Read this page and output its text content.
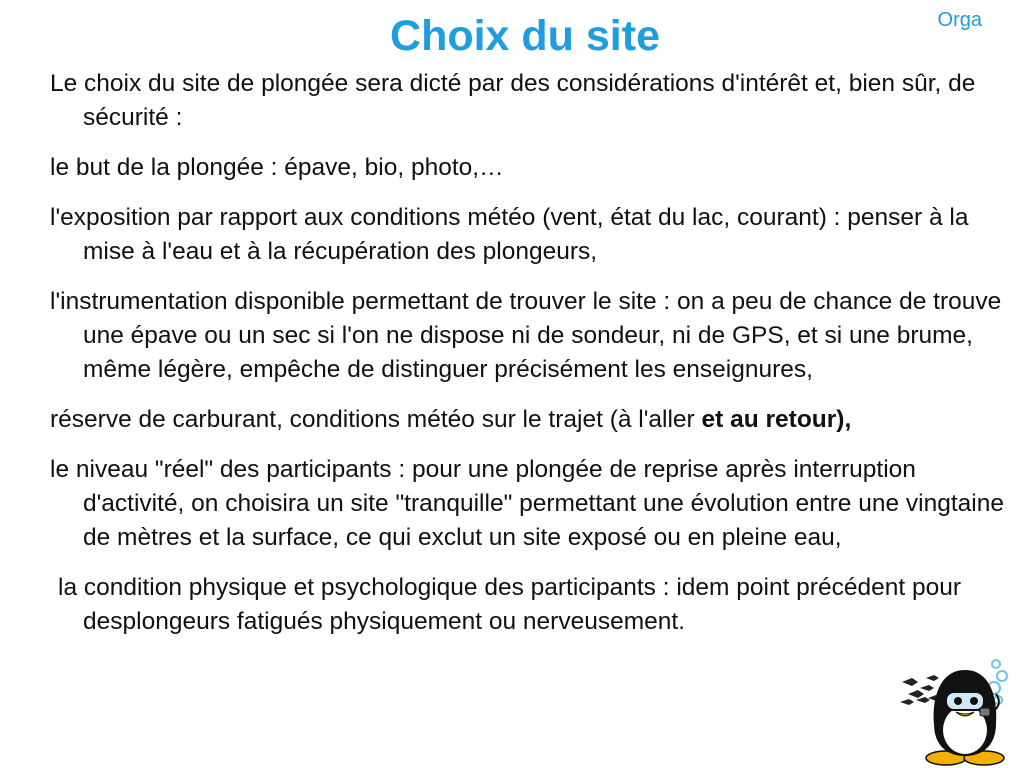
Choix du site	Orga

Le choix du site de plongée sera dicté par des considérations d'intérêt et, bien sûr, de sécurité :

le but de la plongée : épave, bio, photo,…

l'exposition par rapport aux conditions météo (vent, état du lac, courant) : penser à la mise à l'eau et à la récupération des plongeurs,

l'instrumentation disponible permettant de trouver le site : on a peu de chance de trouve une épave ou un sec si l'on ne dispose ni de sondeur, ni de GPS, et si une brume, même légère, empêche de distinguer précisément les enseignures,

réserve de carburant, conditions météo sur le trajet (à l'aller et au retour),

le niveau "réel" des participants : pour une plongée de reprise après interruption d'activité, on choisira un site "tranquille" permettant une évolution entre une vingtaine de mètres et la surface, ce qui exclut un site exposé ou en pleine eau,

la condition physique et psychologique des participants : idem point précédent pour desplongeurs fatigués physiquement ou nerveusement.
